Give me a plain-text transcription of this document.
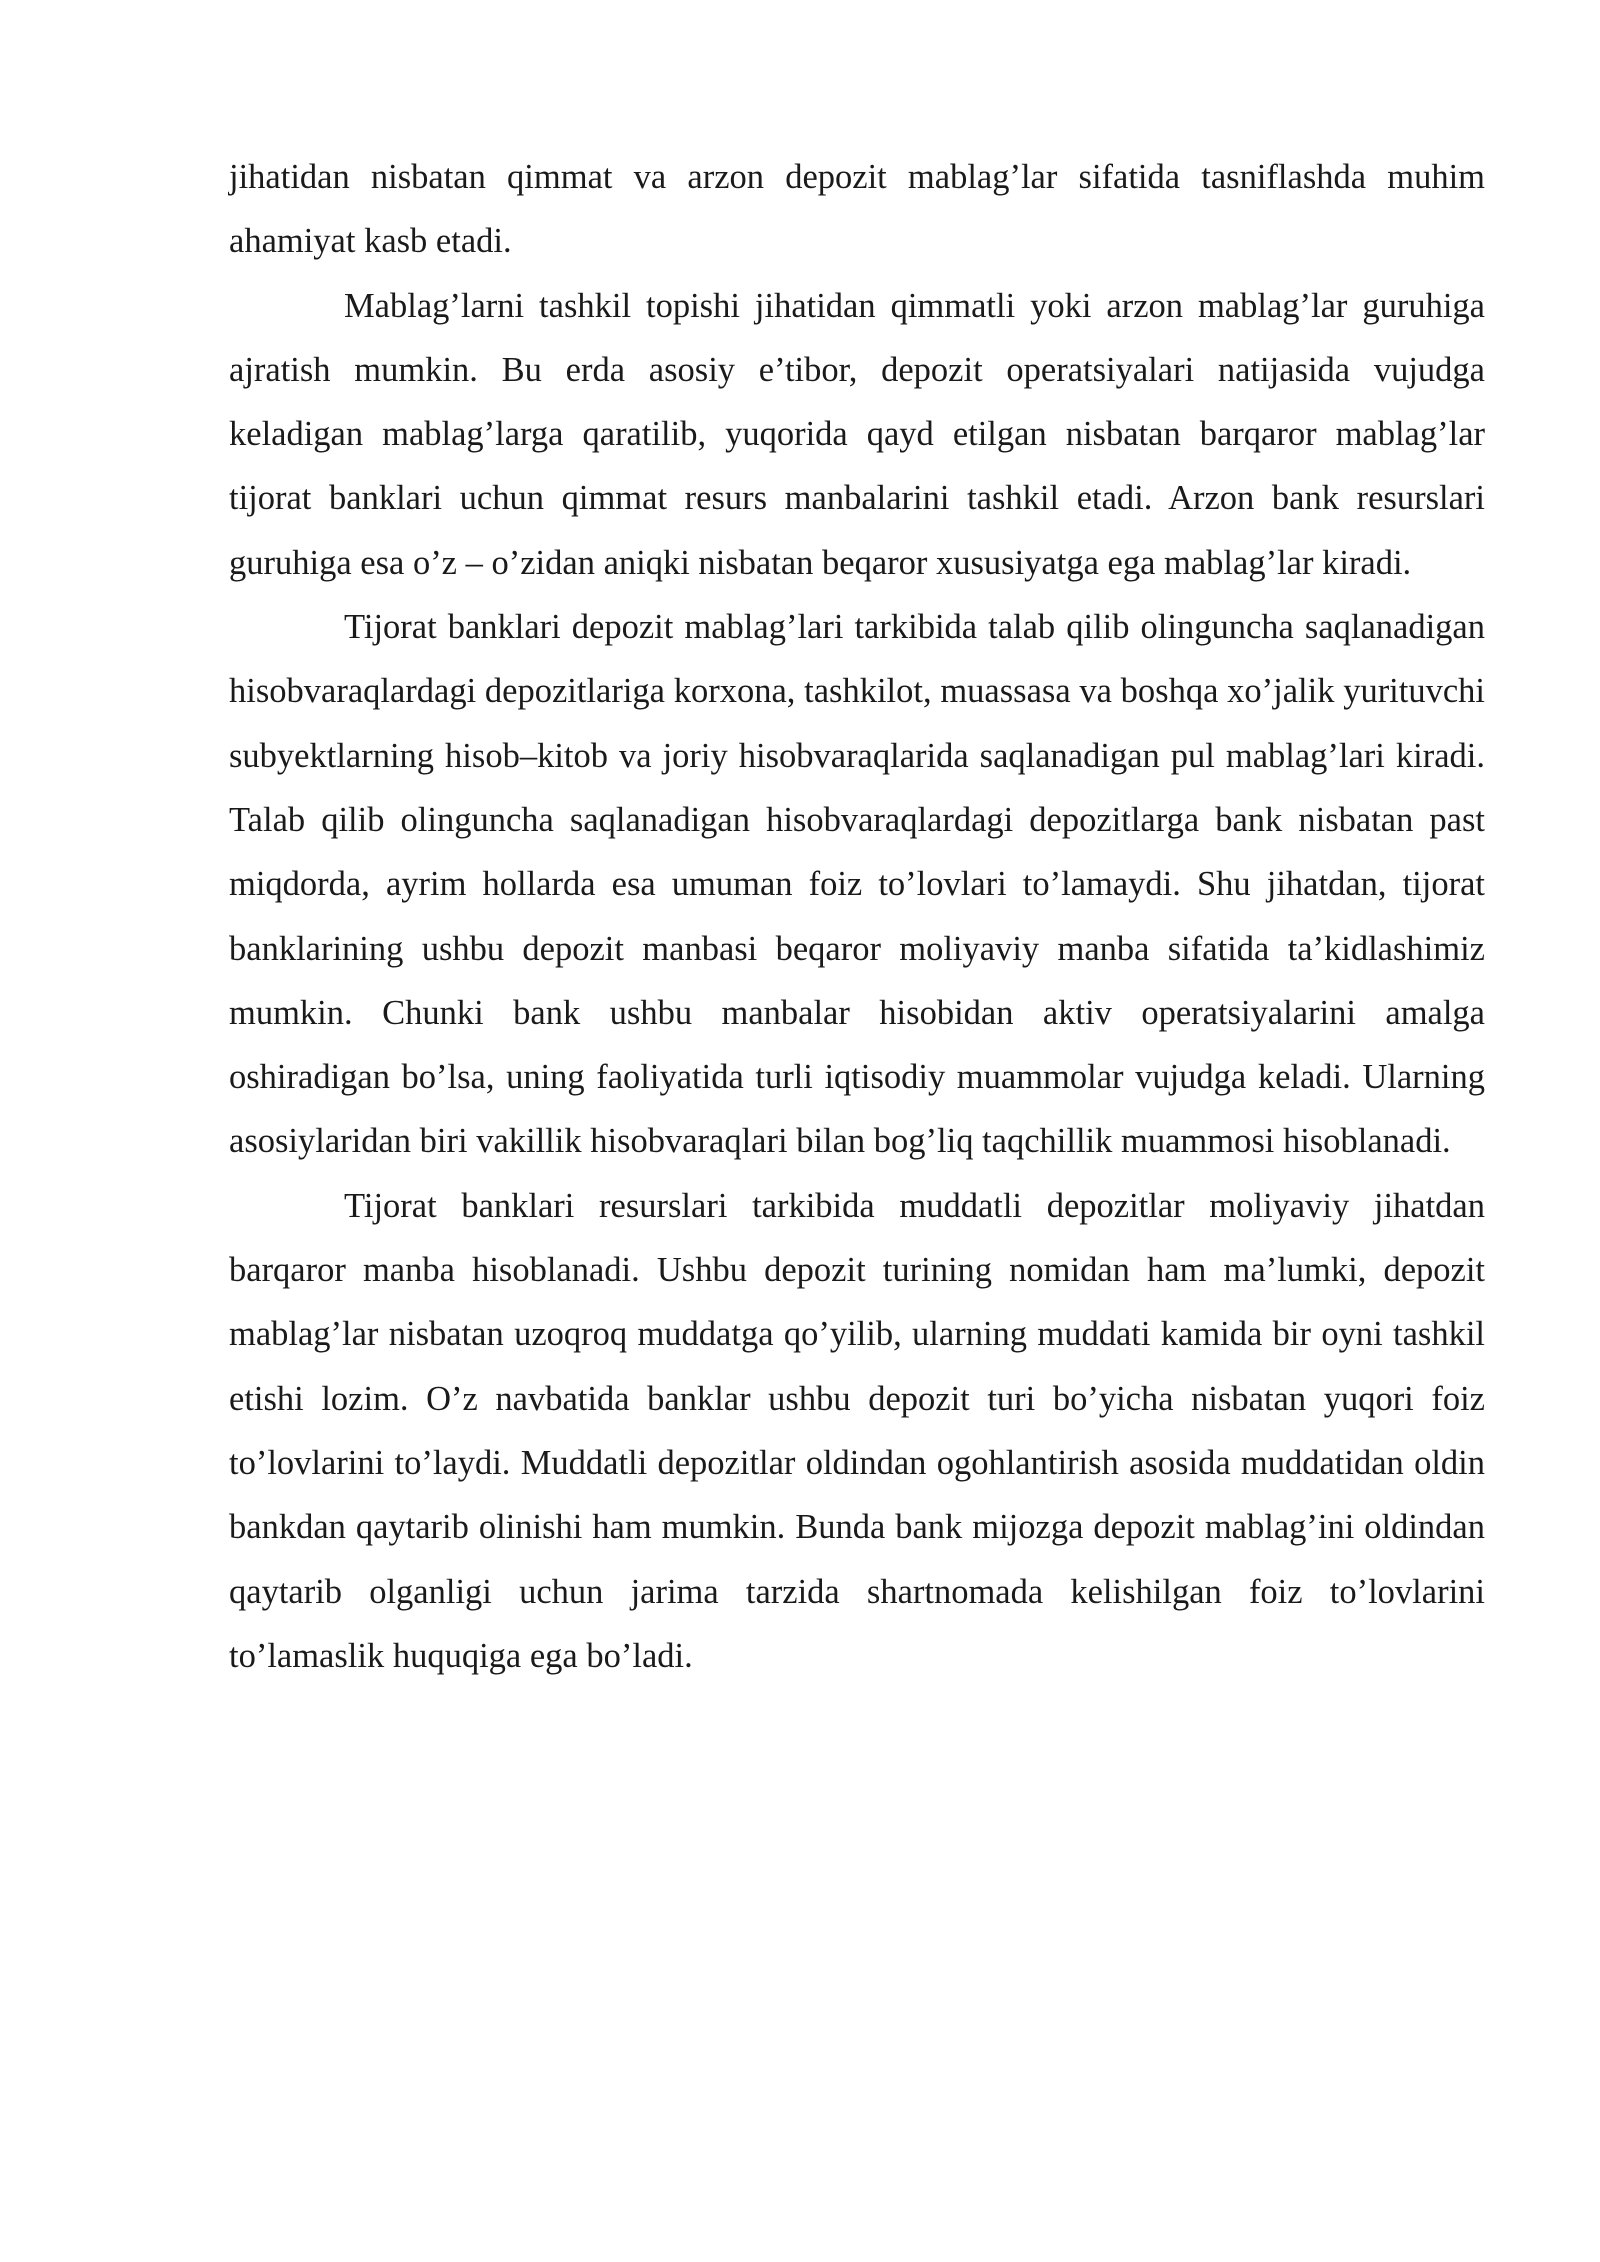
jihatidan nisbatan qimmat va arzon depozit mablag’lar sifatida tasniflashda muhim ahamiyat kasb etadi.

Mablag’larni tashkil topishi jihatidan qimmatli yoki arzon mablag’lar guruhiga ajratish mumkin. Bu erda asosiy e’tibor, depozit operatsiyalari natijasida vujudga keladigan mablag’larga qaratilib, yuqorida qayd etilgan nisbatan barqaror mablag’lar tijorat banklari uchun qimmat resurs manbalarini tashkil etadi. Arzon bank resurslari guruhiga esa o’z – o’zidan aniqki nisbatan beqaror xususiyatga ega mablag’lar kiradi.

Tijorat banklari depozit mablag’lari tarkibida talab qilib olinguncha saqlanadigan hisobvaraqlardagi depozitlariga korxona, tashkilot, muassasa va boshqa xo’jalik yurituvchi subyektlarning hisob–kitob va joriy hisobvaraqlarida saqlanadigan pul mablag’lari kiradi. Talab qilib olinguncha saqlanadigan hisobvaraqlardagi depozitlarga bank nisbatan past miqdorda, ayrim hollarda esa umuman foiz to’lovlari to’lamaydi. Shu jihatdan, tijorat banklarining ushbu depozit manbasi beqaror moliyaviy manba sifatida ta’kidlashimiz mumkin. Chunki bank ushbu manbalar hisobidan aktiv operatsiyalarini amalga oshiradigan bo’lsa, uning faoliyatida turli iqtisodiy muammolar vujudga keladi. Ularning asosiylaridan biri vakillik hisobvaraqlari bilan bog’liq taqchillik muammosi hisoblanadi.

Tijorat banklari resurslari tarkibida muddatli depozitlar moliyaviy jihatdan barqaror manba hisoblanadi. Ushbu depozit turining nomidan ham ma’lumki, depozit mablag’lar nisbatan uzoqroq muddatga qo’yilib, ularning muddati kamida bir oyni tashkil etishi lozim. O’z navbatida banklar ushbu depozit turi bo’yicha nisbatan yuqori foiz to’lovlarini to’laydi. Muddatli depozitlar oldindan ogohlantirish asosida muddatidan oldin bankdan qaytarib olinishi ham mumkin. Bunda bank mijozga depozit mablag’ini oldindan qaytarib olganligi uchun jarima tarzida shartnomada kelishilgan foiz to’lovlarini to’lamaslik huquqiga ega bo’ladi.
